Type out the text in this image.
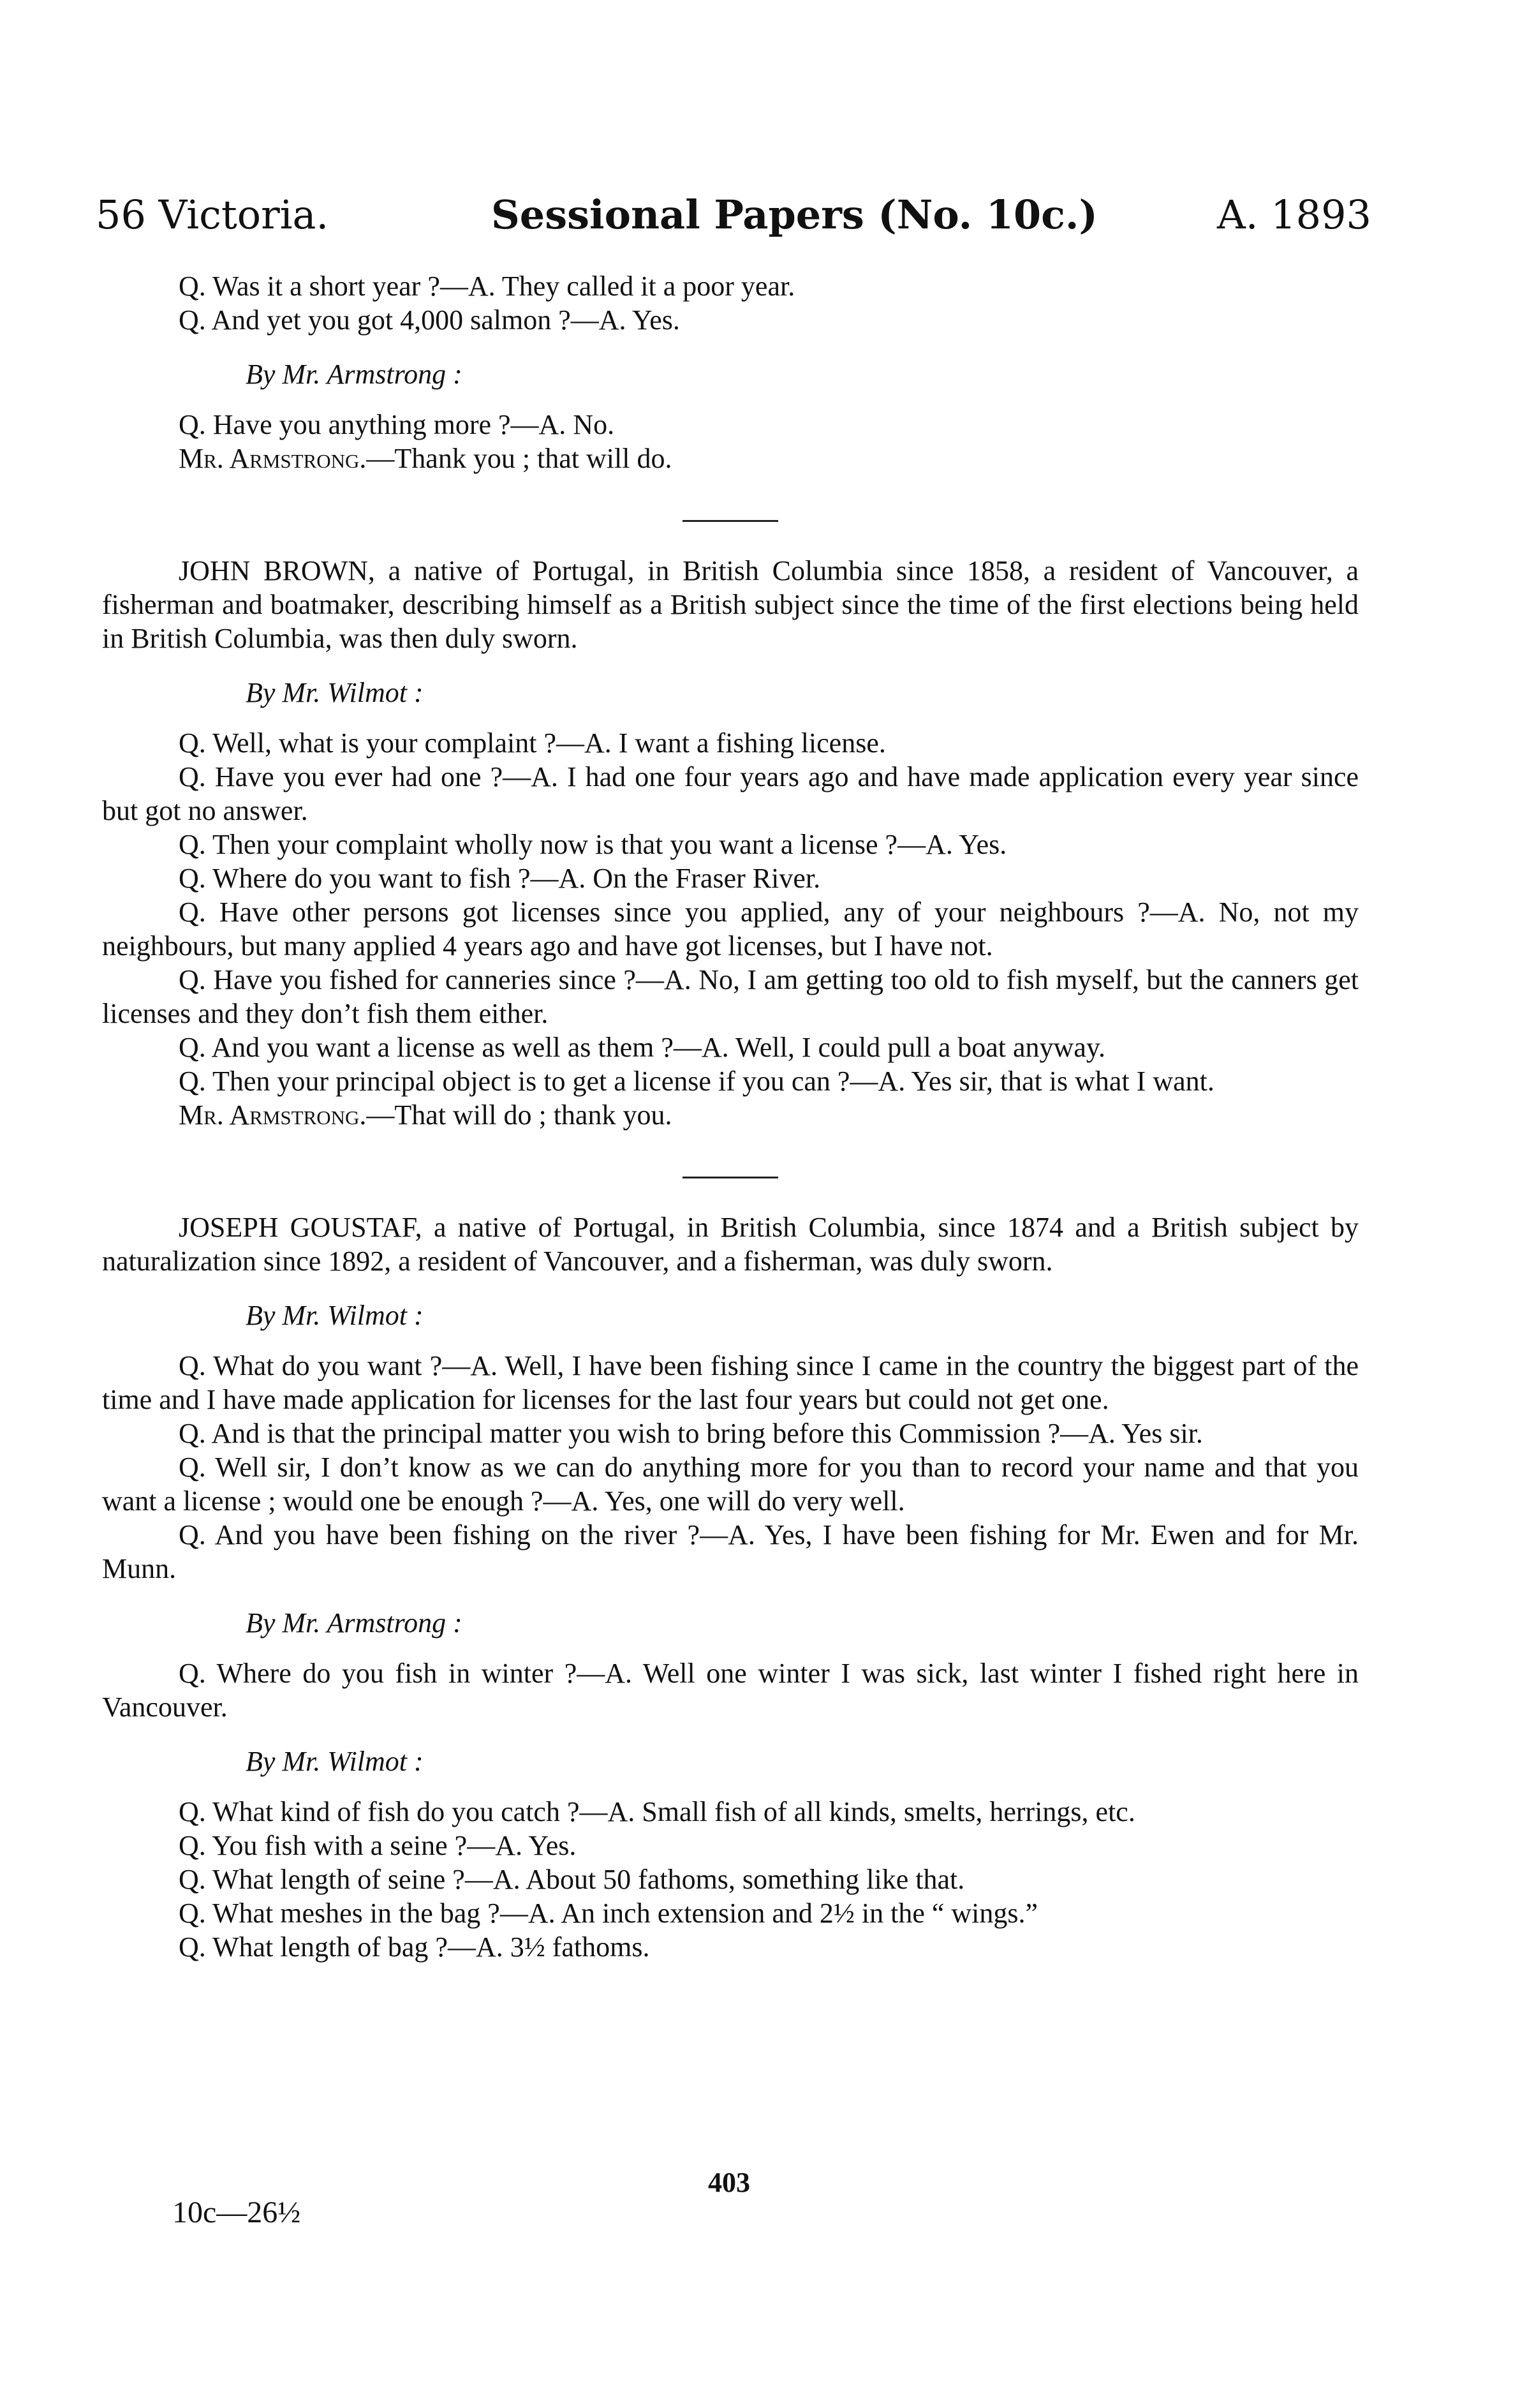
56 Victoria.	Sessional Papers (No. 10c.)	A. 1893

Q. Was it a short year ?—A. They called it a poor year.

Q. And yet you got 4,000 salmon ?—A. Yes.

By Mr. Armstrong :

Q. Have you anything more ?—A. No.

Mr. Armstrong.—Thank you ; that will do.

JOHN BROWN, a native of Portugal, in British Columbia since 1858, a resident of Vancouver, a fisherman and boatmaker, describing himself as a British subject since the time of the first elections being held in British Columbia, was then duly sworn.

By Mr. Wilmot :

Q. Well, what is your complaint ?—A. I want a fishing license.

Q. Have you ever had one ?—A. I had one four years ago and have made application every year since but got no answer.

Q. Then your complaint wholly now is that you want a license ?—A. Yes.

Q. Where do you want to fish ?—A. On the Fraser River.

Q. Have other persons got licenses since you applied, any of your neighbours ?—A. No, not my neighbours, but many applied 4 years ago and have got licenses, but I have not.

Q. Have you fished for canneries since ?—A. No, I am getting too old to fish myself, but the canners get licenses and they don’t fish them either.

Q. And you want a license as well as them ?—A. Well, I could pull a boat anyway.

Q. Then your principal object is to get a license if you can ?—A. Yes sir, that is what I want.

Mr. Armstrong.—That will do ; thank you.

JOSEPH GOUSTAF, a native of Portugal, in British Columbia, since 1874 and a British subject by naturalization since 1892, a resident of Vancouver, and a fisherman, was duly sworn.

By Mr. Wilmot :

Q. What do you want ?—A. Well, I have been fishing since I came in the country the biggest part of the time and I have made application for licenses for the last four years but could not get one.

Q. And is that the principal matter you wish to bring before this Commission ?—A. Yes sir.

Q. Well sir, I don’t know as we can do anything more for you than to record your name and that you want a license ; would one be enough ?—A. Yes, one will do very well.

Q. And you have been fishing on the river ?—A. Yes, I have been fishing for Mr. Ewen and for Mr. Munn.

By Mr. Armstrong :

Q. Where do you fish in winter ?—A. Well one winter I was sick, last winter I fished right here in Vancouver.

By Mr. Wilmot :

Q. What kind of fish do you catch ?—A. Small fish of all kinds, smelts, herrings, etc.

Q. You fish with a seine ?—A. Yes.

Q. What length of seine ?—A. About 50 fathoms, something like that.

Q. What meshes in the bag ?—A. An inch extension and 2½ in the “ wings.”

Q. What length of bag ?—A. 3½ fathoms.

403
10c—26½
